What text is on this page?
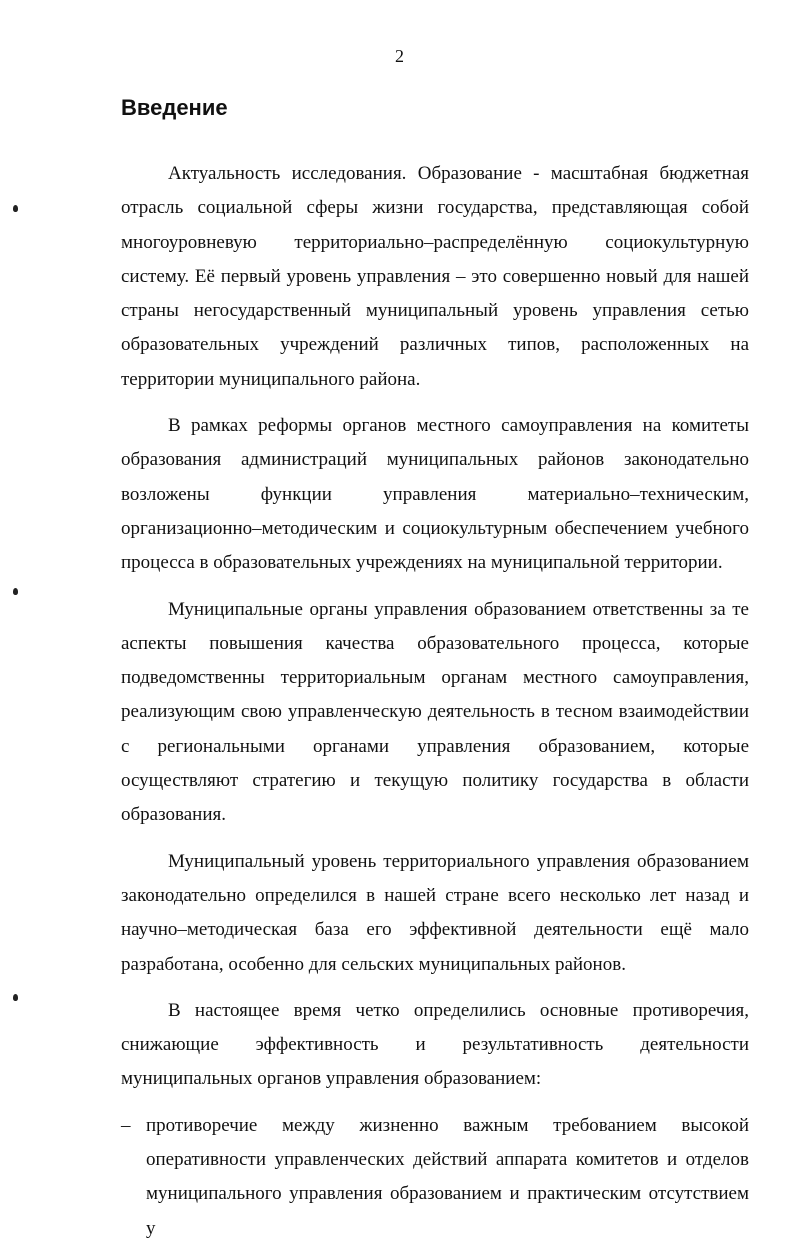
2
Введение

Актуальность исследования. Образование - масштабная бюджетная отрасль социальной сферы жизни государства, представляющая собой многоуровневую территориально–распределённую социокультурную систему. Её первый уровень управления – это совершенно новый для нашей страны негосударственный муниципальный уровень управления сетью образовательных учреждений различных типов, расположенных на территории муниципального района.

В рамках реформы органов местного самоуправления на комитеты образования администраций муниципальных районов законодательно возложены функции управления материально–техническим, организационно–методическим и социокультурным обеспечением учебного процесса в образовательных учреждениях на муниципальной территории.

Муниципальные органы управления образованием ответственны за те аспекты повышения качества образовательного процесса, которые подведомственны территориальным органам местного самоуправления, реализующим свою управленческую деятельность в тесном взаимодействии с региональными органами управления образованием, которые осуществляют стратегию и текущую политику государства в области образования.

Муниципальный уровень территориального управления образованием законодательно определился в нашей стране всего несколько лет назад и научно–методическая база его эффективной деятельности ещё мало разработана, особенно для сельских муниципальных районов.

В настоящее время четко определились основные противоречия, снижающие эффективность и результативность деятельности муниципальных органов управления образованием:

– противоречие между жизненно важным требованием высокой оперативности управленческих действий аппарата комитетов и отделов муниципального управления образованием и практическим отсутствием у
